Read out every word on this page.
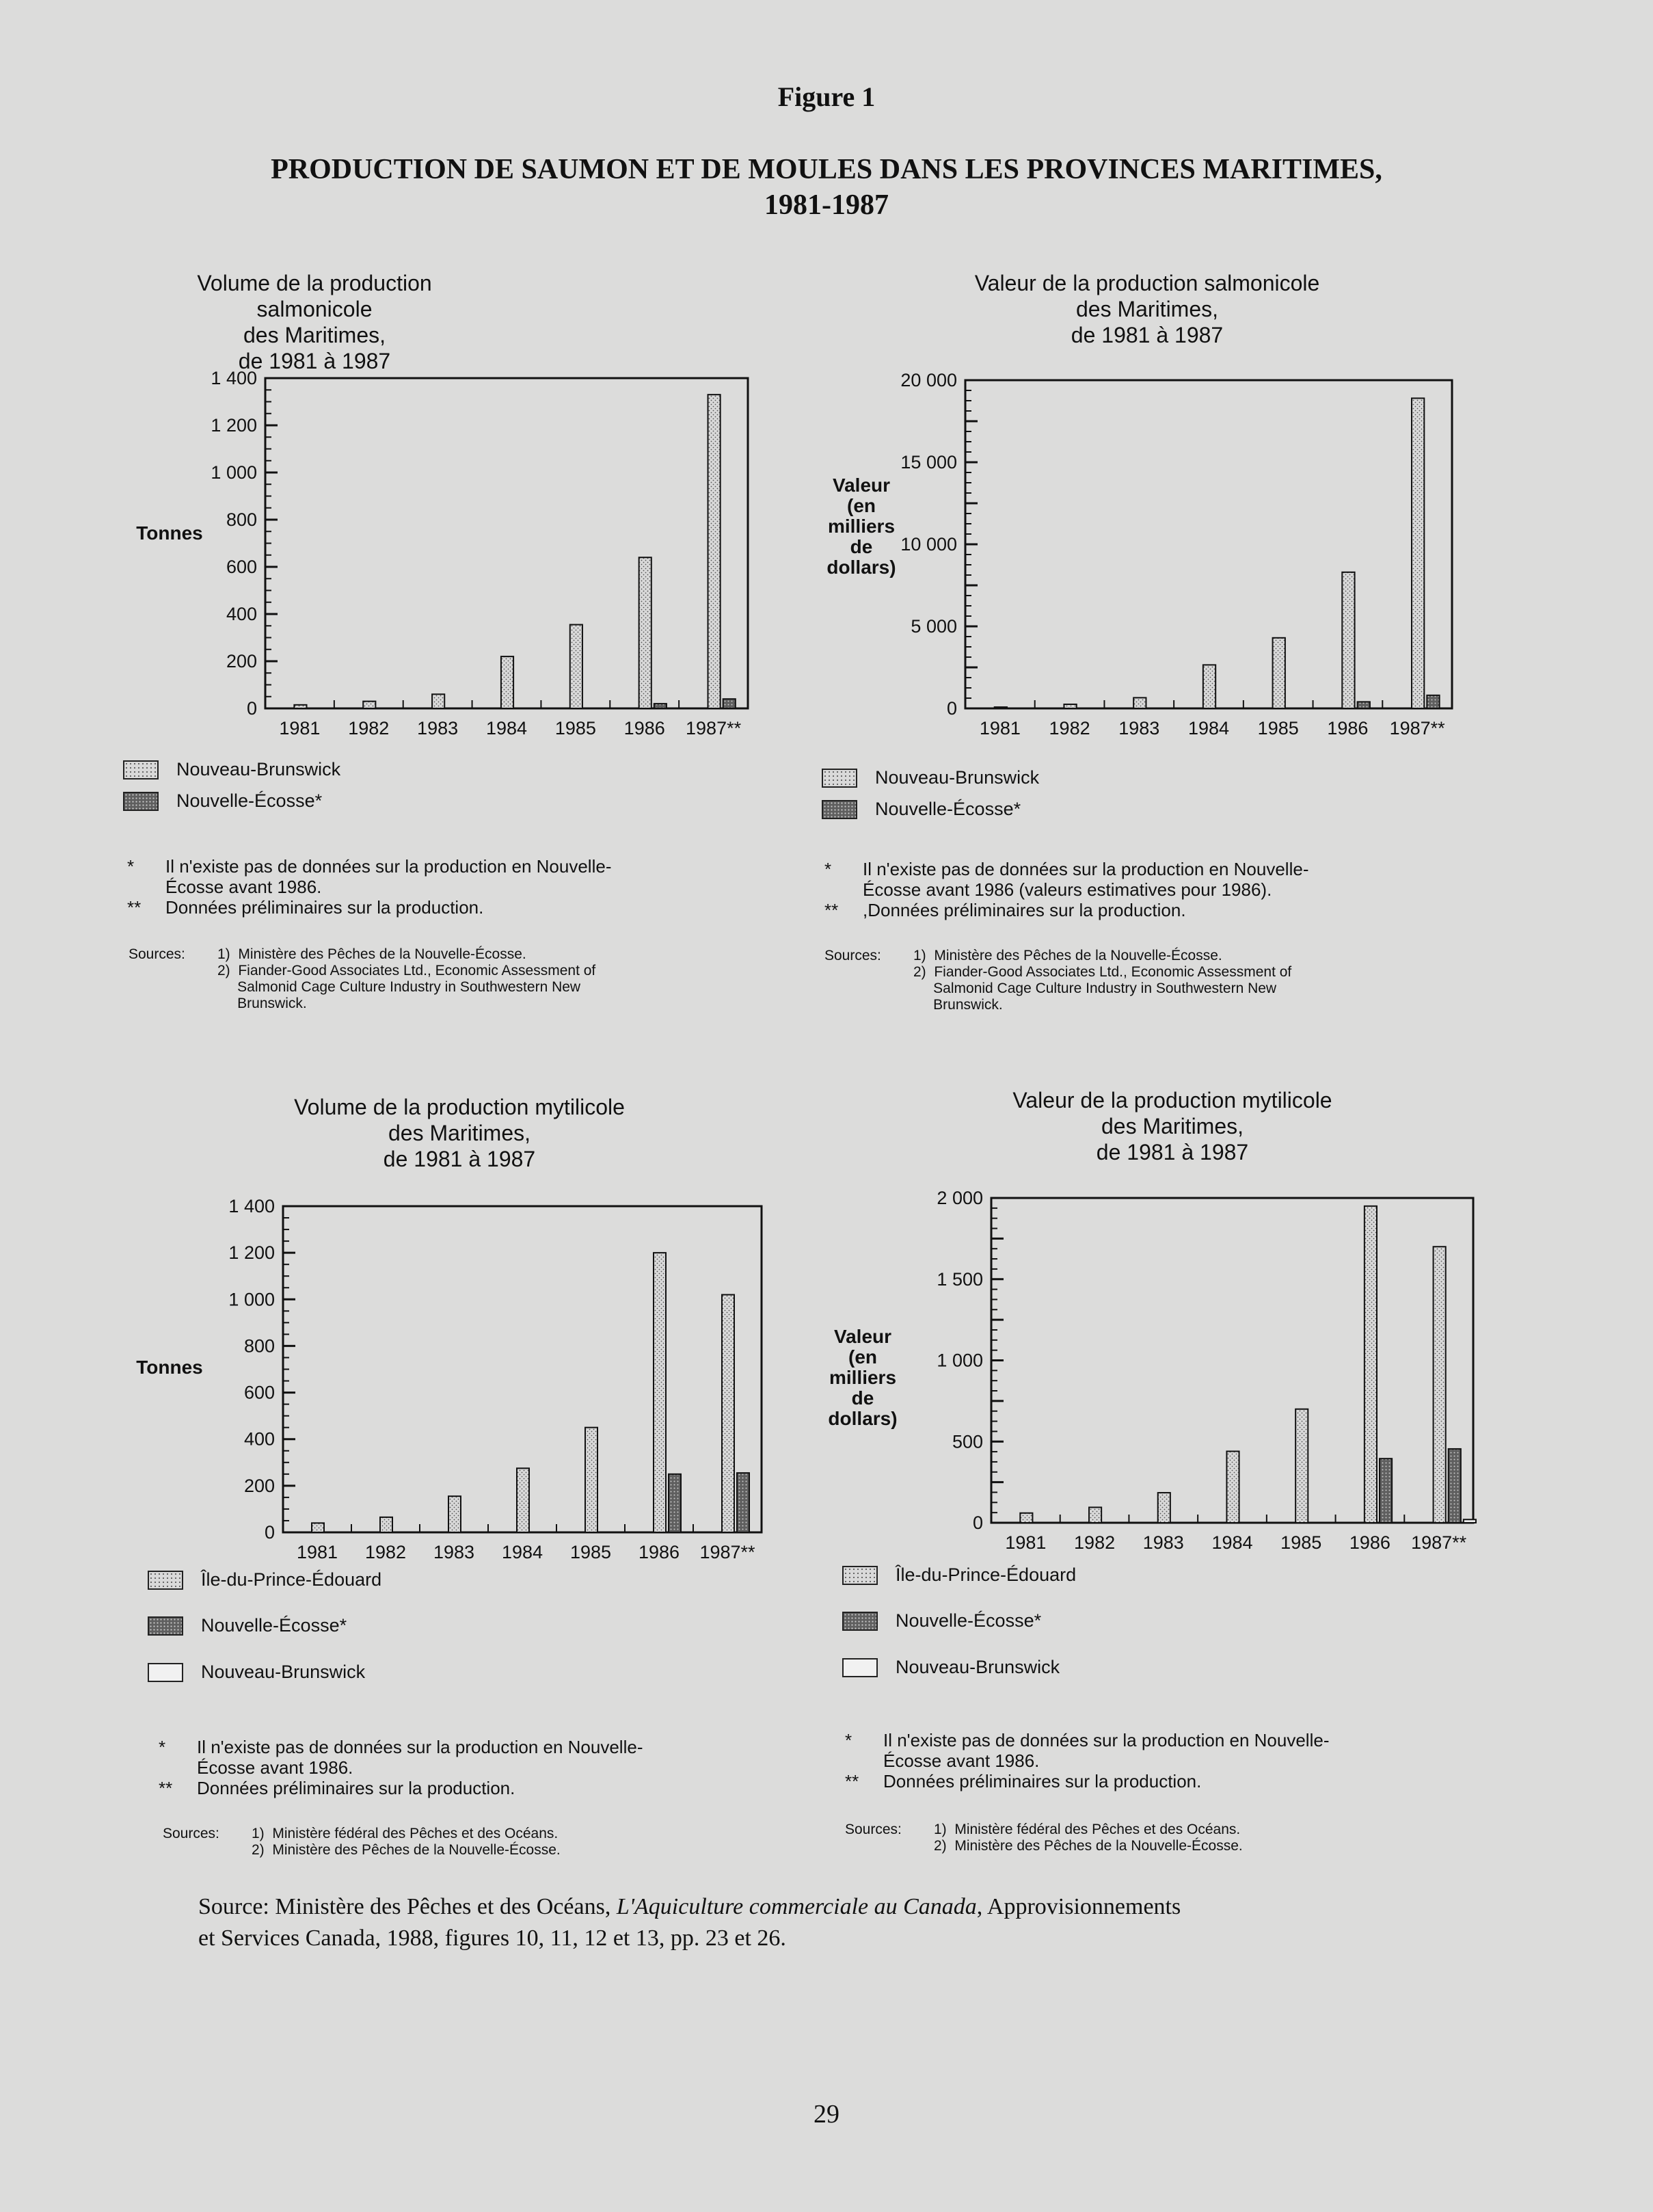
Figure 1
PRODUCTION DE SAUMON ET DE MOULES DANS LES PROVINCES MARITIMES,
1981-1987
Source: Ministère des Pêches et des Océans, L'Aquiculture commerciale au Canada, Approvisionnements
et Services Canada, 1988, figures 10, 11, 12 et 13, pp. 23 et 26.
29
Volume de la production salmonicole
des Maritimes,
de 1981 à 1987
Tonnes
0
200
400
600
800
1 000
1 200
1 400
1981 1982 1983 1984 1985 1986 1987**
Nouveau-Brunswick
Nouvelle-Écosse*
* Il n'existe pas de données sur la production en Nouvelle-
Écosse avant 1986.
** Données préliminaires sur la production.
Sources: 1)  Ministère des Pêches de la Nouvelle-Écosse.
2)  Fiander-Good Associates Ltd., Economic Assessment of
Salmonid Cage Culture Industry in Southwestern New
Brunswick.
Valeur de la production salmonicole
des Maritimes,
de 1981 à 1987
Valeur
(en
milliers
de
dollars)
0
5 000
10 000
15 000
20 000
1981 1982 1983 1984 1985 1986 1987**
Nouveau-Brunswick
Nouvelle-Écosse*
* Il n'existe pas de données sur la production en Nouvelle-
Écosse avant 1986 (valeurs estimatives pour 1986).
** ,Données préliminaires sur la production.
Sources: 1)  Ministère des Pêches de la Nouvelle-Écosse.
2)  Fiander-Good Associates Ltd., Economic Assessment of
Salmonid Cage Culture Industry in Southwestern New
Brunswick.
Volume de la production mytilicole
des Maritimes,
de 1981 à 1987
Tonnes
0
200
400
600
800
1 000
1 200
1 400
1981 1982 1983 1984 1985 1986 1987**
Île-du-Prince-Édouard
Nouvelle-Écosse*
Nouveau-Brunswick
* Il n'existe pas de données sur la production en Nouvelle-
Écosse avant 1986.
** Données préliminaires sur la production.
Sources: 1)  Ministère fédéral des Pêches et des Océans.
2)  Ministère des Pêches de la Nouvelle-Écosse.
Valeur de la production mytilicole
des Maritimes,
de 1981 à 1987
Valeur
(en
milliers
de
dollars)
0
500
1 000
1 500
2 000
1981 1982 1983 1984 1985 1986 1987**
Île-du-Prince-Édouard
Nouvelle-Écosse*
Nouveau-Brunswick
* Il n'existe pas de données sur la production en Nouvelle-
Écosse avant 1986.
** Données préliminaires sur la production.
Sources: 1)  Ministère fédéral des Pêches et des Océans.
2)  Ministère des Pêches de la Nouvelle-Écosse.
